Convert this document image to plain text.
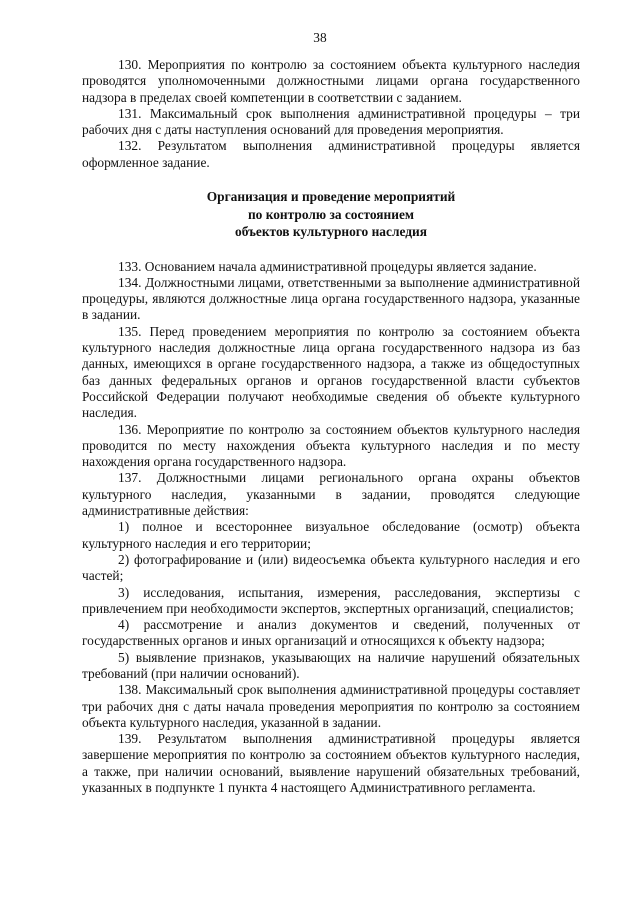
38

130. Мероприятия по контролю за состоянием объекта культурного наследия проводятся уполномоченными должностными лицами органа государственного надзора в пределах своей компетенции в соответствии с заданием.

131. Максимальный срок выполнения административной процедуры – три рабочих дня с даты наступления оснований для проведения мероприятия.

132. Результатом выполнения административной процедуры является оформленное задание.

Организация и проведение мероприятий
по контролю за состоянием
объектов культурного наследия

133. Основанием начала административной процедуры является задание.

134. Должностными лицами, ответственными за выполнение административной процедуры, являются должностные лица органа государственного надзора, указанные в задании.

135. Перед проведением мероприятия по контролю за состоянием объекта культурного наследия должностные лица органа государственного надзора из баз данных, имеющихся в органе государственного надзора, а также из общедоступных баз данных федеральных органов и органов государственной власти субъектов Российской Федерации получают необходимые сведения об объекте культурного наследия.

136. Мероприятие по контролю за состоянием объектов культурного наследия проводится по месту нахождения объекта культурного наследия и по месту нахождения органа государственного надзора.

137. Должностными лицами регионального органа охраны объектов культурного наследия, указанными в задании, проводятся следующие административные действия:

1) полное и всестороннее визуальное обследование (осмотр) объекта культурного наследия и его территории;

2) фотографирование и (или) видеосъемка объекта культурного наследия и его частей;

3) исследования, испытания, измерения, расследования, экспертизы с привлечением при необходимости экспертов, экспертных организаций, специалистов;

4) рассмотрение и анализ документов и сведений, полученных от государственных органов и иных организаций и относящихся к объекту надзора;

5) выявление признаков, указывающих на наличие нарушений обязательных требований (при наличии оснований).

138. Максимальный срок выполнения административной процедуры составляет три рабочих дня с даты начала проведения мероприятия по контролю за состоянием объекта культурного наследия, указанной в задании.

139. Результатом выполнения административной процедуры является завершение мероприятия по контролю за состоянием объектов культурного наследия, а также, при наличии оснований, выявление нарушений обязательных требований, указанных в подпункте 1 пункта 4 настоящего Административного регламента.
